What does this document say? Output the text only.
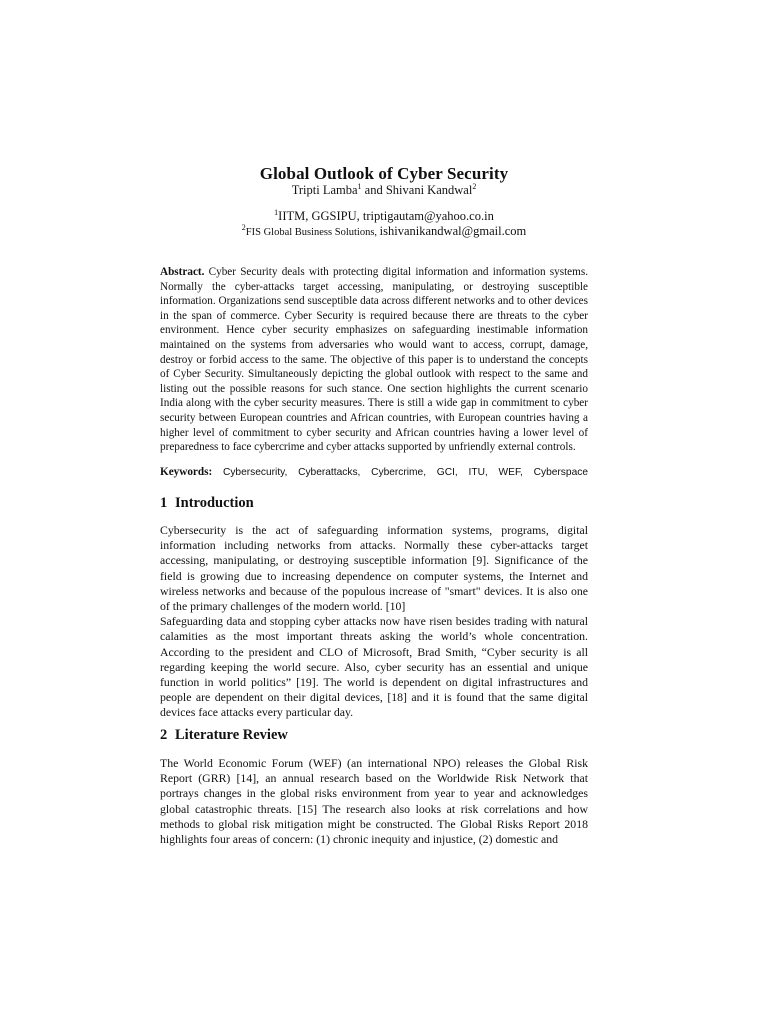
Global Outlook of Cyber Security
Tripti Lamba$^1$ and Shivani Kandwal$^2$
$^1$IITM, GGSIPU, triptigautam@yahoo.co.in
$^2$FIS Global Business Solutions, ishivanikandwal@gmail.com
Abstract. Cyber Security deals with protecting digital information and information systems. Normally the cyber-attacks target accessing, manipulating, or destroying susceptible information. Organizations send susceptible data across different networks and to other devices in the span of commerce. Cyber Security is required because there are threats to the cyber environment. Hence cyber security emphasizes on safeguarding inestimable information maintained on the systems from adversaries who would want to access, corrupt, damage, destroy or forbid access to the same. The objective of this paper is to understand the concepts of Cyber Security. Simultaneously depicting the global outlook with respect to the same and listing out the possible reasons for such stance. One section highlights the current scenario India along with the cyber security measures. There is still a wide gap in commitment to cyber security between European countries and African countries, with European countries having a higher level of commitment to cyber security and African countries having a lower level of preparedness to face cybercrime and cyber attacks supported by unfriendly external controls.
Keywords: Cybersecurity, Cyberattacks, Cybercrime, GCI, ITU, WEF, Cyberspace
1 Introduction

Cybersecurity is the act of safeguarding information systems, programs, digital information including networks from attacks. Normally these cyber-attacks target accessing, manipulating, or destroying susceptible information [9]. Significance of the field is growing due to increasing dependence on computer systems, the Internet and wireless networks and because of the populous increase of "smart" devices. It is also one of the primary challenges of the modern world. [10]

Safeguarding data and stopping cyber attacks now have risen besides trading with natural calamities as the most important threats asking the world’s whole concentration. According to the president and CLO of Microsoft, Brad Smith, “Cyber security is all regarding keeping the world secure. Also, cyber security has an essential and unique function in world politics” [19]. The world is dependent on digital infrastructures and people are dependent on their digital devices, [18] and it is found that the same digital devices face attacks every particular day.

2 Literature Review

The World Economic Forum (WEF) (an international NPO) releases the Global Risk Report (GRR) [14], an annual research based on the Worldwide Risk Network that portrays changes in the global risks environment from year to year and acknowledges global catastrophic threats. [15] The research also looks at risk correlations and how methods to global risk mitigation might be constructed. The Global Risks Report 2018 highlights four areas of concern: (1) chronic inequity and injustice, (2) domestic and
